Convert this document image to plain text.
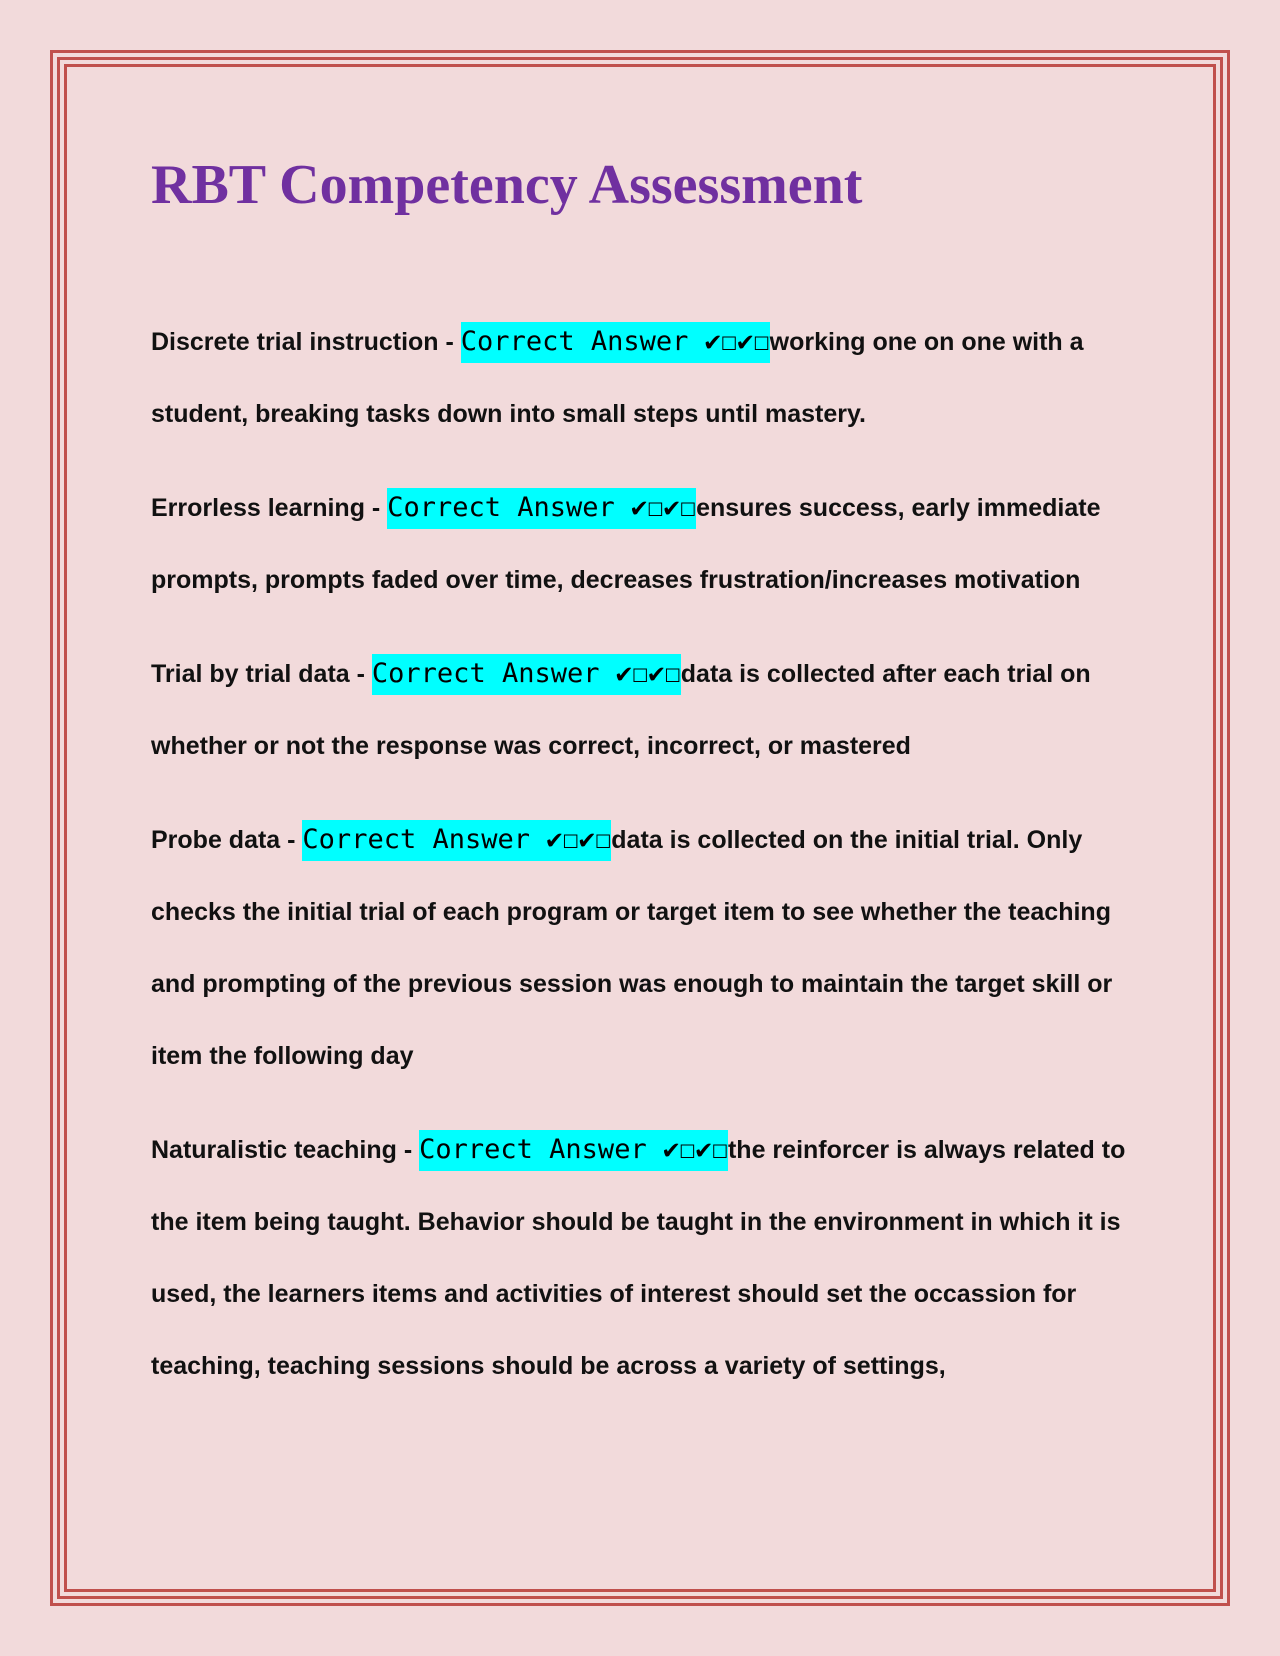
RBT Competency Assessment

Discrete trial instruction - Correct Answer ✔☐✔☐working one on one with a student, breaking tasks down into small steps until mastery.

Errorless learning - Correct Answer ✔☐✔☐ensures success, early immediate prompts, prompts faded over time, decreases frustration/increases motivation

Trial by trial data - Correct Answer ✔☐✔☐data is collected after each trial on whether or not the response was correct, incorrect, or mastered

Probe data - Correct Answer ✔☐✔☐data is collected on the initial trial. Only checks the initial trial of each program or target item to see whether the teaching and prompting of the previous session was enough to maintain the target skill or item the following day

Naturalistic teaching - Correct Answer ✔☐✔☐the reinforcer is always related to the item being taught. Behavior should be taught in the environment in which it is used, the learners items and activities of interest should set the occassion for teaching, teaching sessions should be across a variety of settings,
